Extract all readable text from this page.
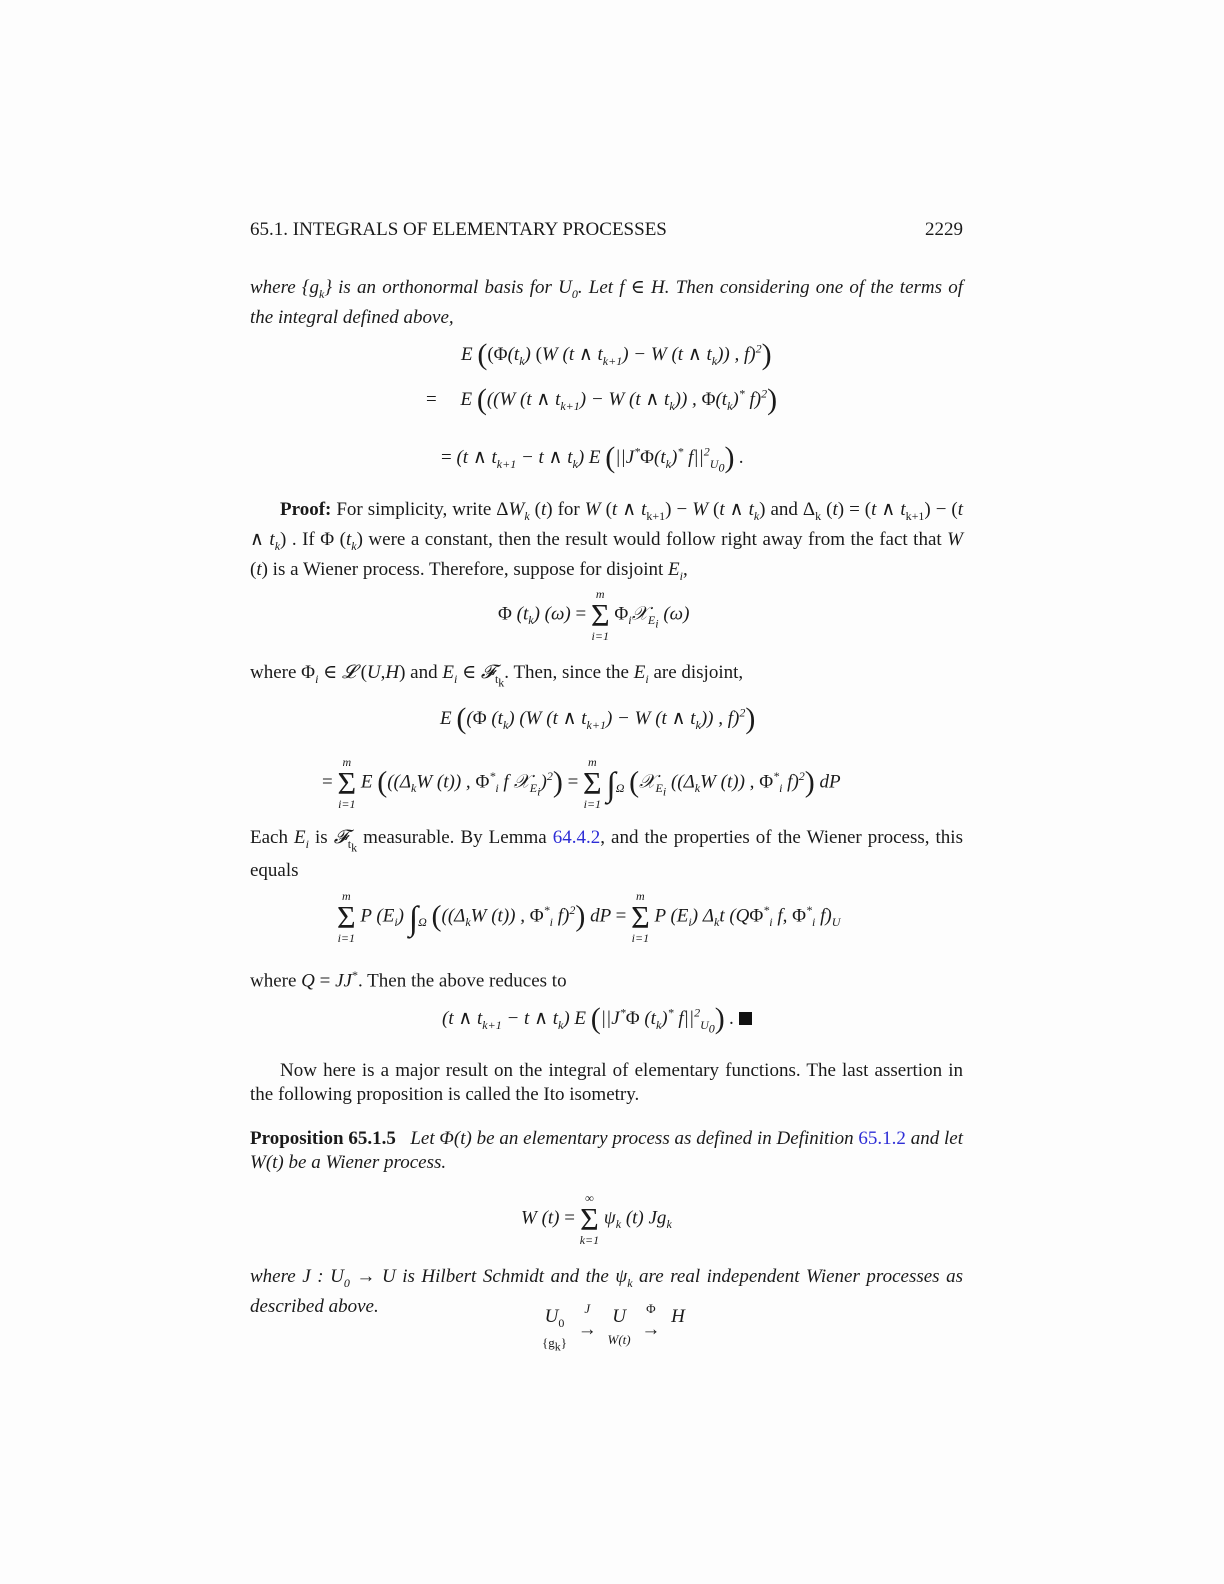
65.1. INTEGRALS OF ELEMENTARY PROCESSES	2229
where $\{g_k\}$ is an orthonormal basis for $U_0$. Let f ∈ H. Then considering one of the terms of the integral defined above,
E (($\Phi(t_k)$ (W (t ∧ $t_{k+1}) - W$ (t ∧ $t_k$)) , f)$^2$)
=     E (((W (t ∧ $t_{k+1}) - W$ (t ∧ $t_k$)) , $\Phi(t_k)^*$ f)$^2$)
= (t ∧ $t_{k+1} - t$ ∧ $t_k$) E ($||J^*\Phi(t_k)^*$ $f||^2_{U_0}$) .
Proof: For simplicity, write $\Delta W_k$ (t) for W (t ∧ $t_{k+1}) - W$ (t ∧ $t_k$) and $\Delta_k$ (t) = (t ∧ $t_{k+1}) - (t$ ∧ $t_k$) . If Φ $(t_k)$ were a constant, then the result would follow right away from the fact that W (t) is a Wiener process. Therefore, suppose for disjoint $E_i$,
Φ $(t_k) (\omega)$ =
m
Σ
i=1
$\Phi_i𝒳_{E_i}$ (ω)
where $\Phi_i$ ∈ 𝓛 (U,H) and $E_i$ ∈ 𝓕$_{t_k}$. Then, since the $E_i$ are disjoint,
E ((Φ $(t_k)$ (W (t ∧ $t_{k+1}) - W$ (t ∧ $t_k$)) , f)$^2$)
=
m
Σ
i=1
E ((($\Delta_kW$ (t)) , $\Phi^*_i$ f 𝒳$_{E_i}$)$^2$) =
m
Σ
i=1
$\int_\Omega$ (𝒳$_{E_i}$ (($\Delta_kW$ (t)) , $\Phi^*_i$ f)$^2$) dP
Each $E_i$ is 𝓕$_{t_k}$ measurable. By Lemma 64.4.2, and the properties of the Wiener process, this equals
m
Σ
i=1
P $(E_i)$ $\int_\Omega$ ((($\Delta_kW$ (t)) , $\Phi^*_i$ f)$^2$) dP =
m
Σ
i=1
P $(E_i)$ $\Delta_kt$ ($Q\Phi^*_i$ f, $\Phi^*_i$ $f)_U$
where Q = JJ*. Then the above reduces to
(t ∧ $t_{k+1} - t$ ∧ $t_k$) E (||J*Φ $(t_k)^*$ $f||^2_{U_0}$) .
Now here is a major result on the integral of elementary functions. The last assertion in the following proposition is called the Ito isometry.
Proposition 65.1.5 Let Φ(t) be an elementary process as defined in Definition 65.1.2 and let W(t) be a Wiener process.
W (t) =
∞
Σ
k=1
$\psi_k$ (t) $Jg_k$
where J : $U_0 \to U$ is Hilbert Schmidt and the $\psi_k$ are real independent Wiener processes as described above.	$U_0$
$\{g_k\}$ J
→ U
W(t) Φ
→ H
